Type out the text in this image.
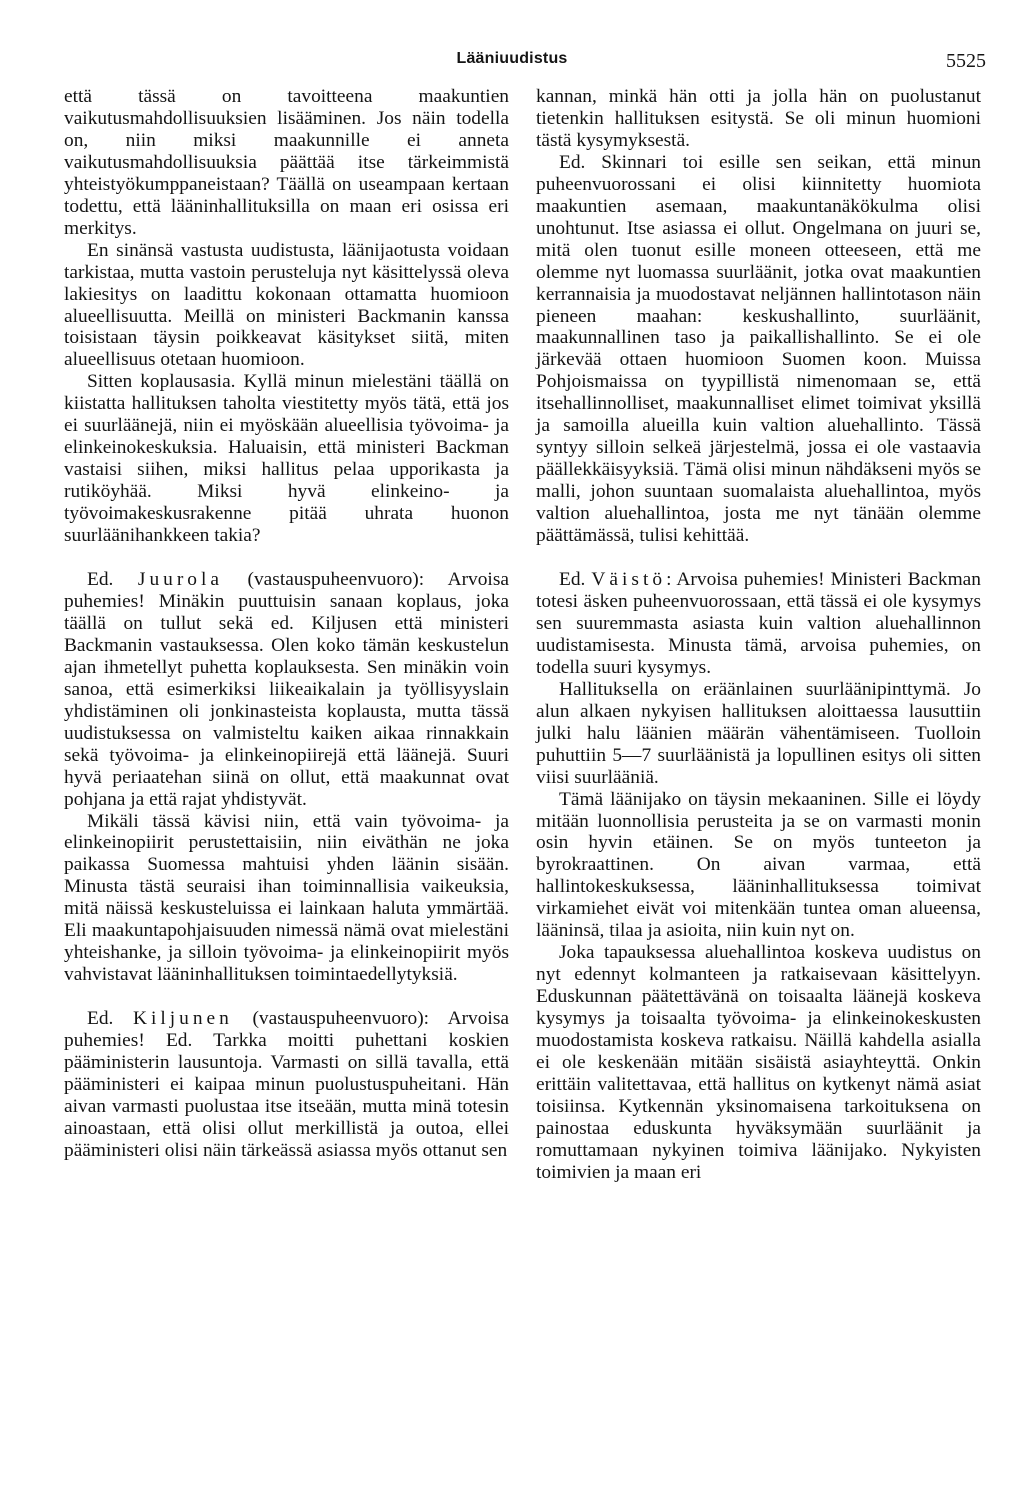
Lääniuudistus	5525

että tässä on tavoitteena maakuntien vaikutusmahdollisuuksien lisääminen. Jos näin todella on, niin miksi maakunnille ei anneta vaikutusmahdollisuuksia päättää itse tärkeimmistä yhteistyökumppaneistaan? Täällä on useampaan kertaan todettu, että lääninhallituksilla on maan eri osissa eri merkitys.

En sinänsä vastusta uudistusta, läänijaotusta voidaan tarkistaa, mutta vastoin perusteluja nyt käsittelyssä oleva lakiesitys on laadittu kokonaan ottamatta huomioon alueellisuutta. Meillä on ministeri Backmanin kanssa toisistaan täysin poikkeavat käsitykset siitä, miten alueellisuus otetaan huomioon.

Sitten koplausasia. Kyllä minun mielestäni täällä on kiistatta hallituksen taholta viestitetty myös tätä, että jos ei suurläänejä, niin ei myöskään alueellisia työvoima- ja elinkeinokeskuksia. Haluaisin, että ministeri Backman vastaisi siihen, miksi hallitus pelaa upporikasta ja rutiköyhää. Miksi hyvä elinkeino- ja työvoimakeskusrakenne pitää uhrata huonon suurläänihankkeen takia?

Ed. Juurola (vastauspuheenvuoro): Arvoisa puhemies! Minäkin puuttuisin sanaan koplaus, joka täällä on tullut sekä ed. Kiljusen että ministeri Backmanin vastauksessa. Olen koko tämän keskustelun ajan ihmetellyt puhetta koplauksesta. Sen minäkin voin sanoa, että esimerkiksi liikeaikalain ja työllisyyslain yhdistäminen oli jonkinasteista koplausta, mutta tässä uudistuksessa on valmisteltu kaiken aikaa rinnakkain sekä työvoima- ja elinkeinopiirejä että läänejä. Suuri hyvä periaatehan siinä on ollut, että maakunnat ovat pohjana ja että rajat yhdistyvät.

Mikäli tässä kävisi niin, että vain työvoima- ja elinkeinopiirit perustettaisiin, niin eiväthän ne joka paikassa Suomessa mahtuisi yhden läänin sisään. Minusta tästä seuraisi ihan toiminnallisia vaikeuksia, mitä näissä keskusteluissa ei lainkaan haluta ymmärtää. Eli maakuntapohjaisuuden nimessä nämä ovat mielestäni yhteishanke, ja silloin työvoima- ja elinkeinopiirit myös vahvistavat lääninhallituksen toimintaedellytyksiä.

Ed. Kiljunen (vastauspuheenvuoro): Arvoisa puhemies! Ed. Tarkka moitti puhettani koskien pääministerin lausuntoja. Varmasti on sillä tavalla, että pääministeri ei kaipaa minun puolustuspuheitani. Hän aivan varmasti puolustaa itse itseään, mutta minä totesin ainoastaan, että olisi ollut merkillistä ja outoa, ellei pääministeri olisi näin tärkeässä asiassa myös ottanut sen

kannan, minkä hän otti ja jolla hän on puolustanut tietenkin hallituksen esitystä. Se oli minun huomioni tästä kysymyksestä.

Ed. Skinnari toi esille sen seikan, että minun puheenvuorossani ei olisi kiinnitetty huomiota maakuntien asemaan, maakuntanäkökulma olisi unohtunut. Itse asiassa ei ollut. Ongelmana on juuri se, mitä olen tuonut esille moneen otteeseen, että me olemme nyt luomassa suurläänit, jotka ovat maakuntien kerrannaisia ja muodostavat neljännen hallintotason näin pieneen maahan: keskushallinto, suurläänit, maakunnallinen taso ja paikallishallinto. Se ei ole järkevää ottaen huomioon Suomen koon. Muissa Pohjoismaissa on tyypillistä nimenomaan se, että itsehallinnolliset, maakunnalliset elimet toimivat yksillä ja samoilla alueilla kuin valtion aluehallinto. Tässä syntyy silloin selkeä järjestelmä, jossa ei ole vastaavia päällekkäisyyksiä. Tämä olisi minun nähdäkseni myös se malli, johon suuntaan suomalaista aluehallintoa, myös valtion aluehallintoa, josta me nyt tänään olemme päättämässä, tulisi kehittää.

Ed. Väistö: Arvoisa puhemies! Ministeri Backman totesi äsken puheenvuorossaan, että tässä ei ole kysymys sen suuremmasta asiasta kuin valtion aluehallinnon uudistamisesta. Minusta tämä, arvoisa puhemies, on todella suuri kysymys.

Hallituksella on eräänlainen suurläänipinttymä. Jo alun alkaen nykyisen hallituksen aloittaessa lausuttiin julki halu läänien määrän vähentämiseen. Tuolloin puhuttiin 5—7 suurläänistä ja lopullinen esitys oli sitten viisi suurlääniä.

Tämä läänijako on täysin mekaaninen. Sille ei löydy mitään luonnollisia perusteita ja se on varmasti monin osin hyvin etäinen. Se on myös tunteeton ja byrokraattinen. On aivan varmaa, että hallintokeskuksessa, lääninhallituksessa toimivat virkamiehet eivät voi mitenkään tuntea oman alueensa, lääninsä, tilaa ja asioita, niin kuin nyt on.

Joka tapauksessa aluehallintoa koskeva uudistus on nyt edennyt kolmanteen ja ratkaisevaan käsittelyyn. Eduskunnan päätettävänä on toisaalta läänejä koskeva kysymys ja toisaalta työvoima- ja elinkeinokeskusten muodostamista koskeva ratkaisu. Näillä kahdella asialla ei ole keskenään mitään sisäistä asiayhteyttä. Onkin erittäin valitettavaa, että hallitus on kytkenyt nämä asiat toisiinsa. Kytkennän yksinomaisena tarkoituksena on painostaa eduskunta hyväksymään suurläänit ja romuttamaan nykyinen toimiva läänijako. Nykyisten toimivien ja maan eri
